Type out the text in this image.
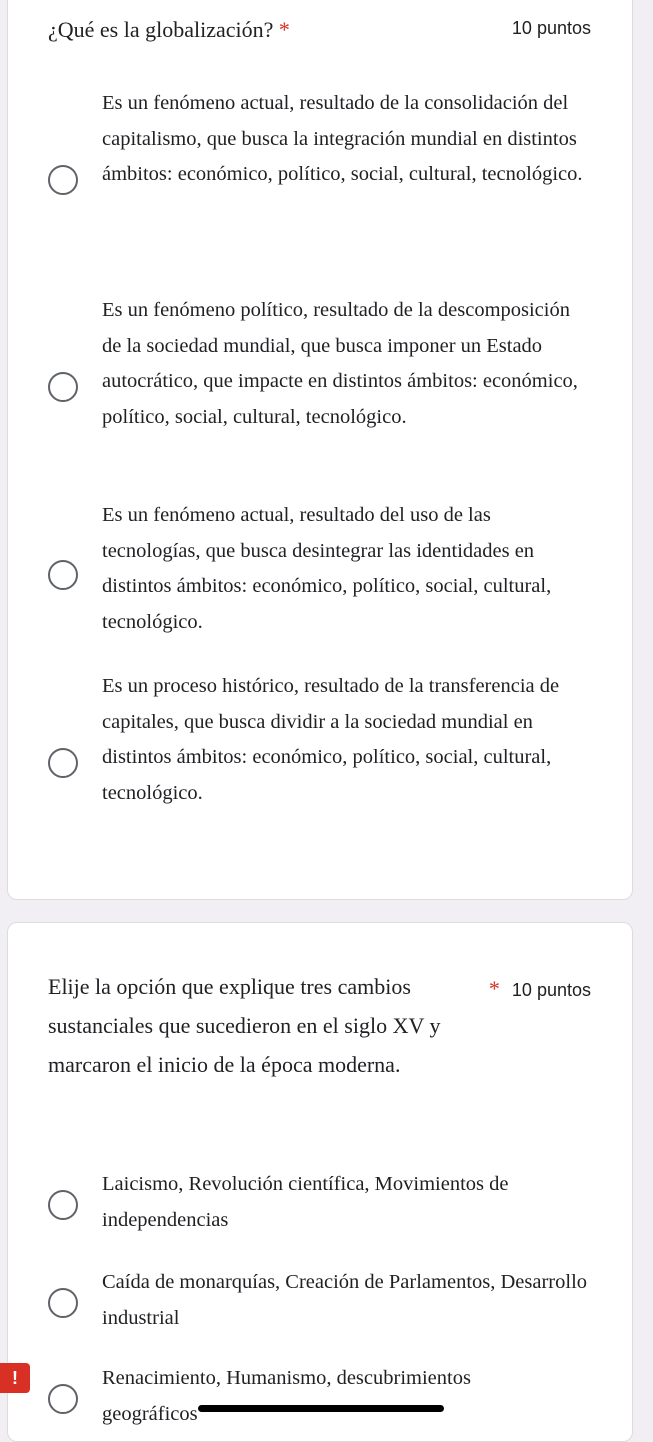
¿Qué es la globalización? *	10 puntos
Es un fenómeno actual, resultado de la consolidación del capitalismo, que busca la integración mundial en distintos ámbitos: económico, político, social, cultural, tecnológico.
Es un fenómeno político, resultado de la descomposición de la sociedad mundial, que busca imponer un Estado autocrático, que impacte en distintos ámbitos: económico, político, social, cultural, tecnológico.
Es un fenómeno actual, resultado del uso de las tecnologías, que busca desintegrar las identidades en distintos ámbitos: económico, político, social, cultural, tecnológico.
Es un proceso histórico, resultado de la transferencia de capitales, que busca dividir a la sociedad mundial en distintos ámbitos: económico, político, social, cultural, tecnológico.
Elije la opción que explique tres cambios sustanciales que sucedieron en el siglo XV y marcaron el inicio de la época moderna.
* 10 puntos
Laicismo, Revolución científica, Movimientos de independencias
Caída de monarquías, Creación de Parlamentos, Desarrollo industrial
Renacimiento, Humanismo, descubrimientos geográficos
!
